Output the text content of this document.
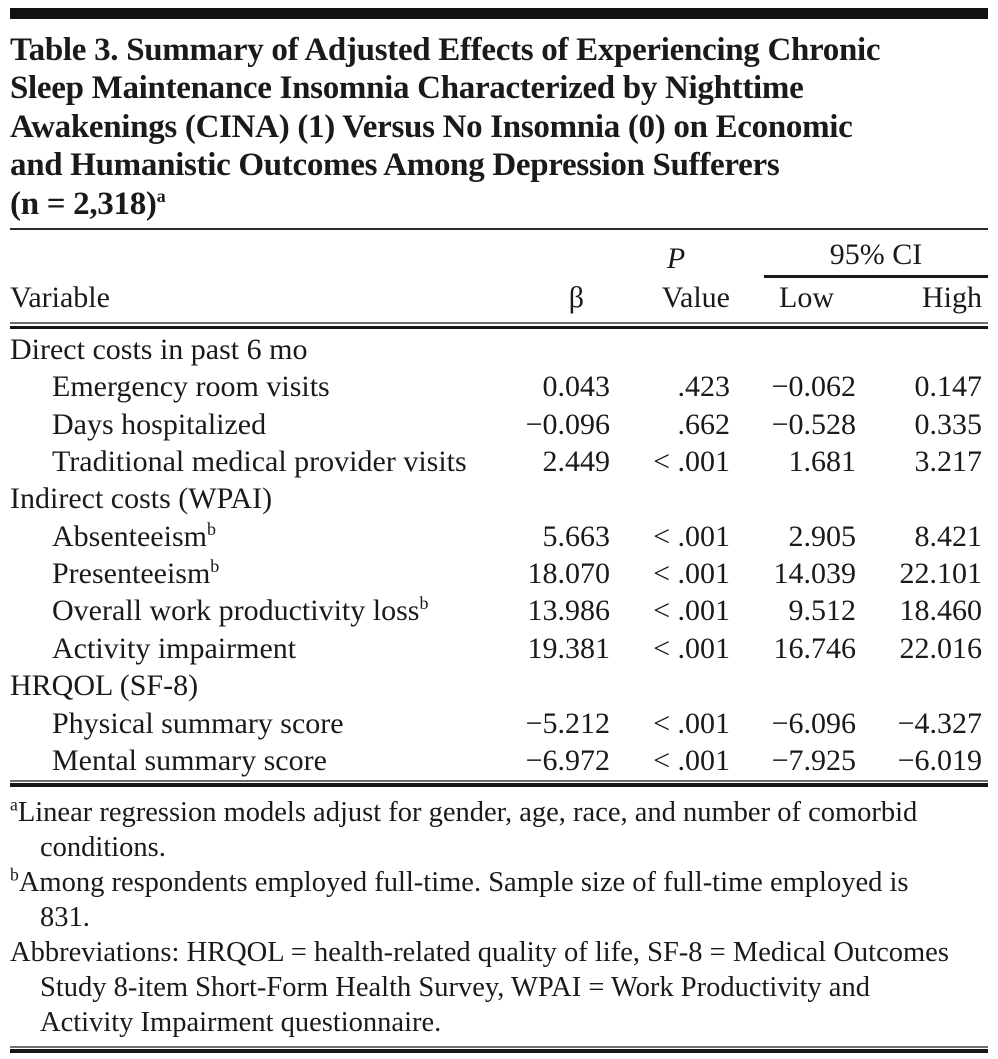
Table 3. Summary of Adjusted Effects of Experiencing Chronic
Sleep Maintenance Insomnia Characterized by Nighttime
Awakenings (CINA) (1) Versus No Insomnia (0) on Economic
and Humanistic Outcomes Among Depression Sufferers
(n = 2,318)$^a$
P	95% CI
Variable	β	Value	Low	High
Direct costs in past 6 mo
Emergency room visits	0.043	.423	−0.062	0.147
Days hospitalized	−0.096	.662	−0.528	0.335
Traditional medical provider visits	2.449	< .001	1.681	3.217
Indirect costs (WPAI)
Absenteeism$^b$	5.663	< .001	2.905	8.421
Presenteeism$^b$	18.070	< .001	14.039	22.101
Overall work productivity loss$^b$	13.986	< .001	9.512	18.460
Activity impairment	19.381	< .001	16.746	22.016
HRQOL (SF-8)
Physical summary score	−5.212	< .001	−6.096	−4.327
Mental summary score	−6.972	< .001	−7.925	−6.019
$^a$Linear regression models adjust for gender, age, race, and number of comorbid conditions.
$^b$Among respondents employed full-time. Sample size of full-time employed is 831.
Abbreviations: HRQOL = health-related quality of life, SF-8 = Medical Outcomes Study 8-item Short-Form Health Survey, WPAI = Work Productivity and Activity Impairment questionnaire.
